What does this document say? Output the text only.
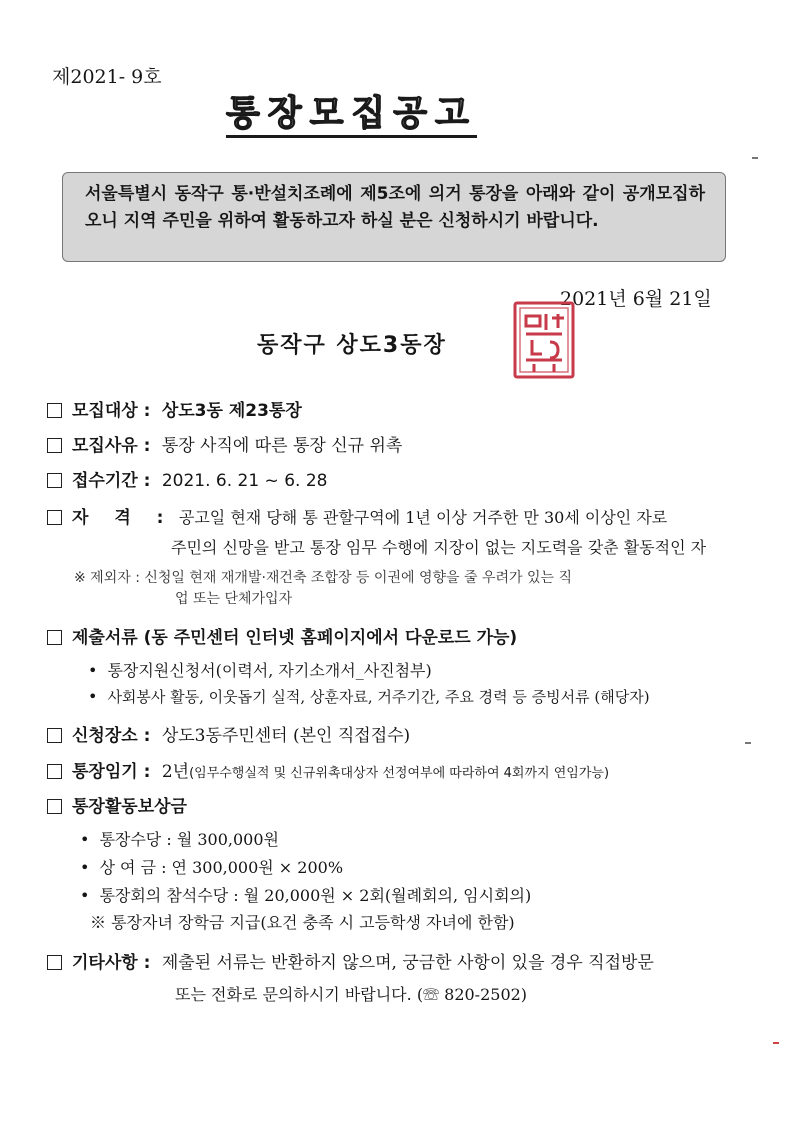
제2021- 9호
통장모집공고
서울특별시 동작구 통·반설치조례에 제5조에 의거 통장을 아래와 같이 공개모집하오니 지역 주민을 위하여 활동하고자 하실 분은 신청하시기 바랍니다.
2021년 6월 21일
동작구 상도3동장
모집대상 : 상도3동 제23통장
모집사유 : 통장 사직에 따른 통장 신규 위촉
접수기간 : 2021. 6. 21 ~ 6. 28
자 격 : 공고일 현재 당해 통 관할구역에 1년 이상 거주한 만 30세 이상인 자로
주민의 신망을 받고 통장 임무 수행에 지장이 없는 지도력을 갖춘 활동적인 자
※ 제외자 : 신청일 현재 재개발·재건축 조합장 등 이권에 영향을 줄 우려가 있는 직
업 또는 단체가입자
제출서류 (동 주민센터 인터넷 홈페이지에서 다운로드 가능)
• 통장지원신청서(이력서, 자기소개서_사진첨부)
• 사회봉사 활동, 이웃돕기 실적, 상훈자료, 거주기간, 주요 경력 등 증빙서류 (해당자)
신청장소 : 상도3동주민센터 (본인 직접접수)
통장임기 : 2년(임무수행실적 및 신규위촉대상자 선정여부에 따라하여 4회까지 연임가능)
통장활동보상금
• 통장수당 : 월 300,000원
• 상 여 금 : 연 300,000원 × 200%
• 통장회의 참석수당 : 월 20,000원 × 2회(월례회의, 임시회의)
※ 통장자녀 장학금 지급(요건 충족 시 고등학생 자녀에 한함)
기타사항 : 제출된 서류는 반환하지 않으며, 궁금한 사항이 있을 경우 직접방문
또는 전화로 문의하시기 바랍니다. (☏ 820-2502)
